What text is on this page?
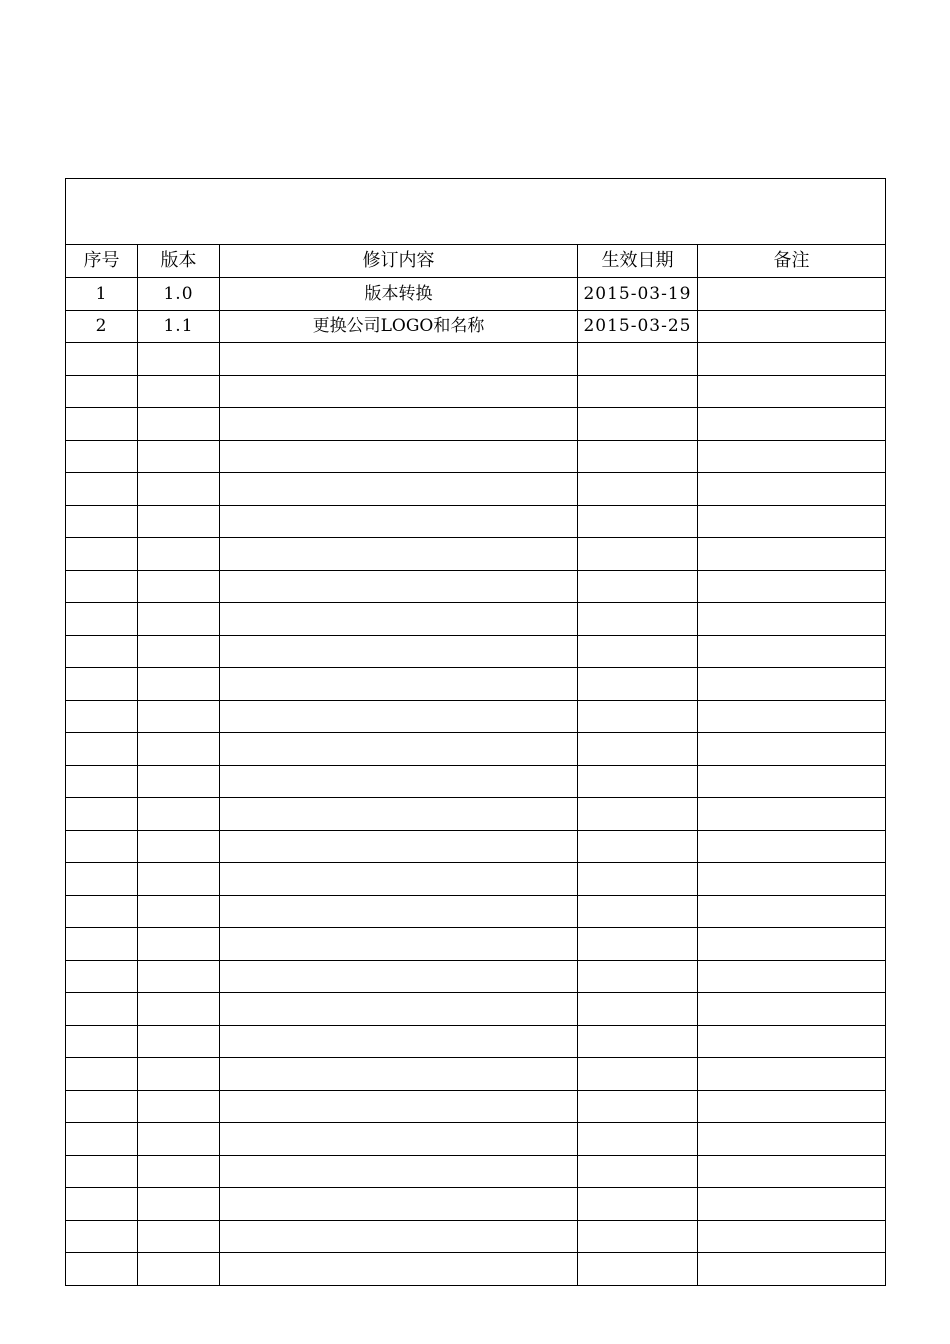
序号	版本	修订内容	生效日期	备注
1	1.0	版本转换	2015-03-19	
2	1.1	更换公司LOGO和名称	2015-03-25	
